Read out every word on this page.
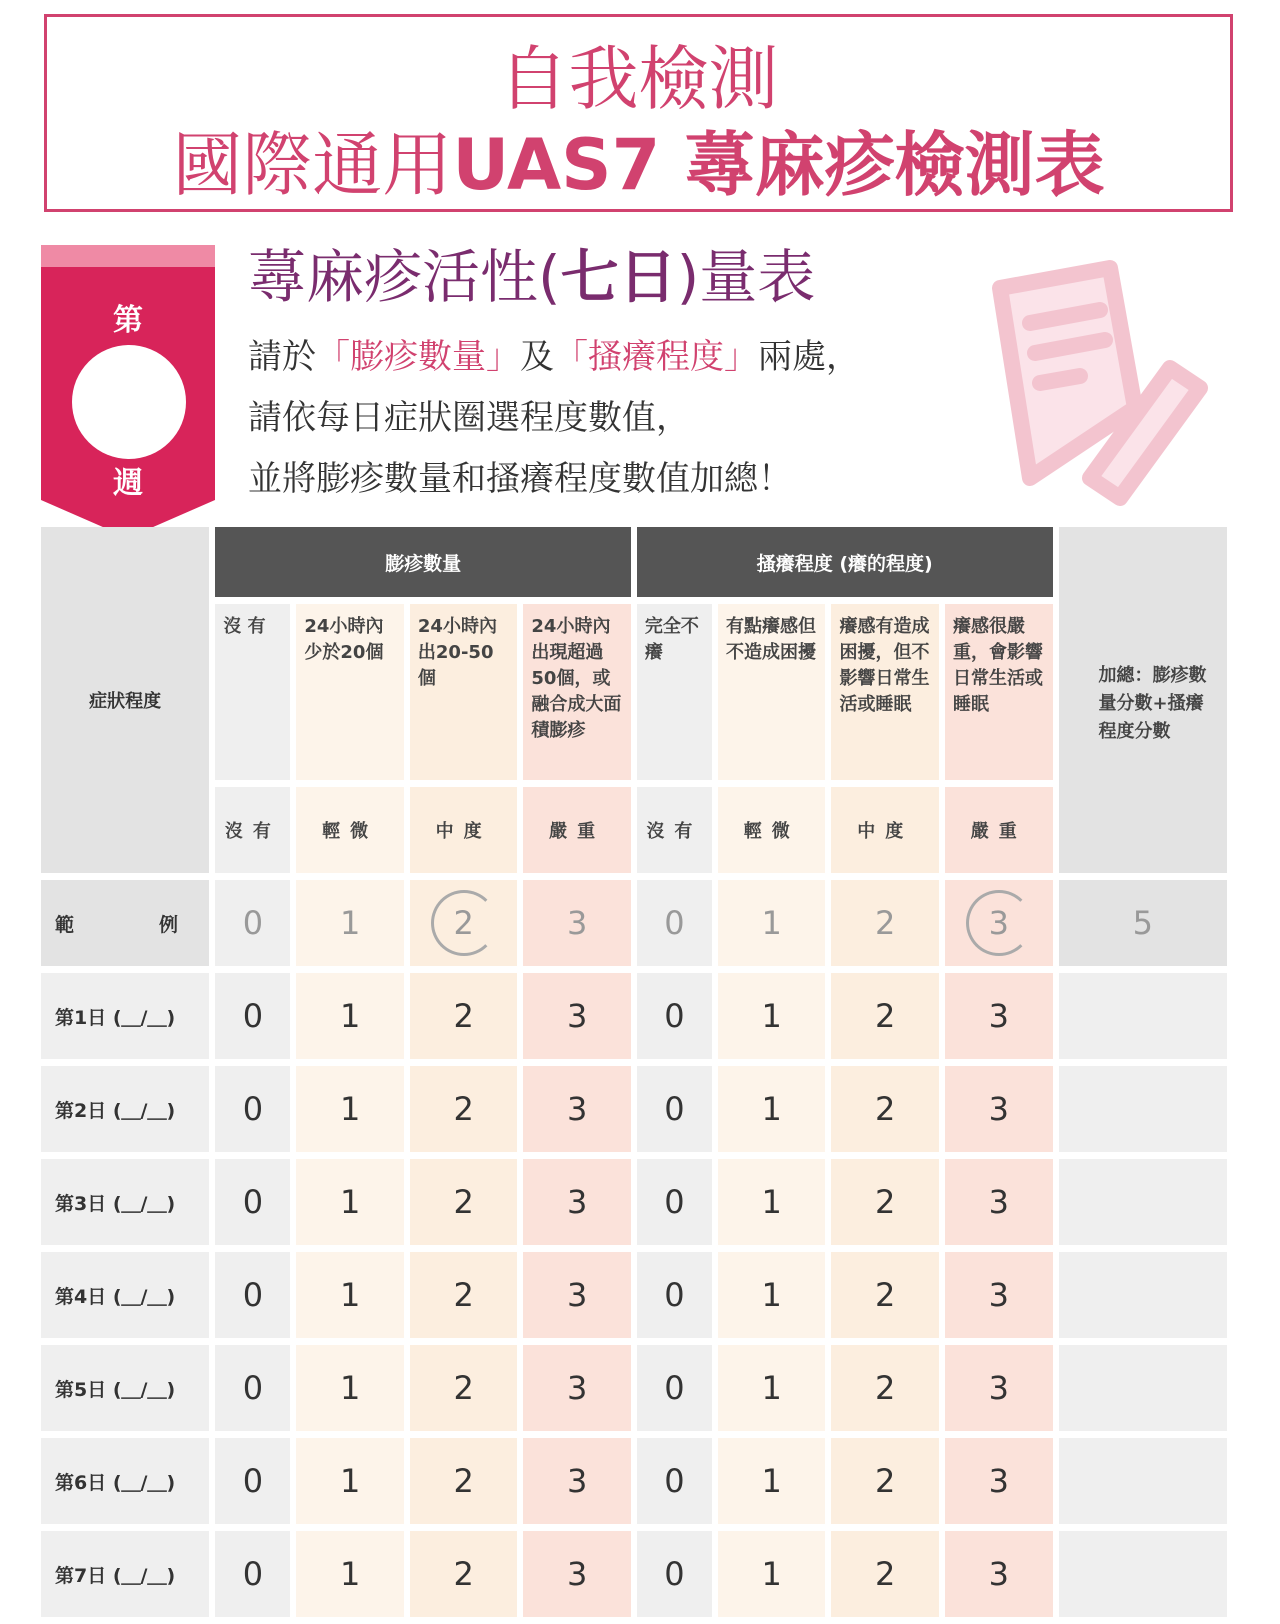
自我檢測
國際通用UAS7 蕁麻疹檢測表
第
週
蕁麻疹活性(七日)量表
請於「膨疹數量」及「搔癢程度」兩處，
請依每日症狀圈選程度數值，
並將膨疹數量和搔癢程度數值加總！
症狀程度	膨疹數量				搔癢程度 (癢的程度)				加總：膨疹數量分數+搔癢程度分數

	沒 有	24小時內少於20個	24小時內出20-50個	24小時內出現超過50個，或融合成大面積膨疹	完全不癢	有點癢感但不造成困擾	癢感有造成困擾，但不影響日常生活或睡眠	癢感很嚴重，會影響日常生活或睡眠	
	沒有	輕微	中度	嚴重	沒有	輕微	中度	嚴重	
範 例	0	1	2	3	0	1	2	3	5
第1日 (＿/＿)	0	1	2	3	0	1	2	3	
第2日 (＿/＿)	0	1	2	3	0	1	2	3	
第3日 (＿/＿)	0	1	2	3	0	1	2	3	
第4日 (＿/＿)	0	1	2	3	0	1	2	3	
第5日 (＿/＿)	0	1	2	3	0	1	2	3	
第6日 (＿/＿)	0	1	2	3	0	1	2	3	
第7日 (＿/＿)	0	1	2	3	0	1	2	3	
